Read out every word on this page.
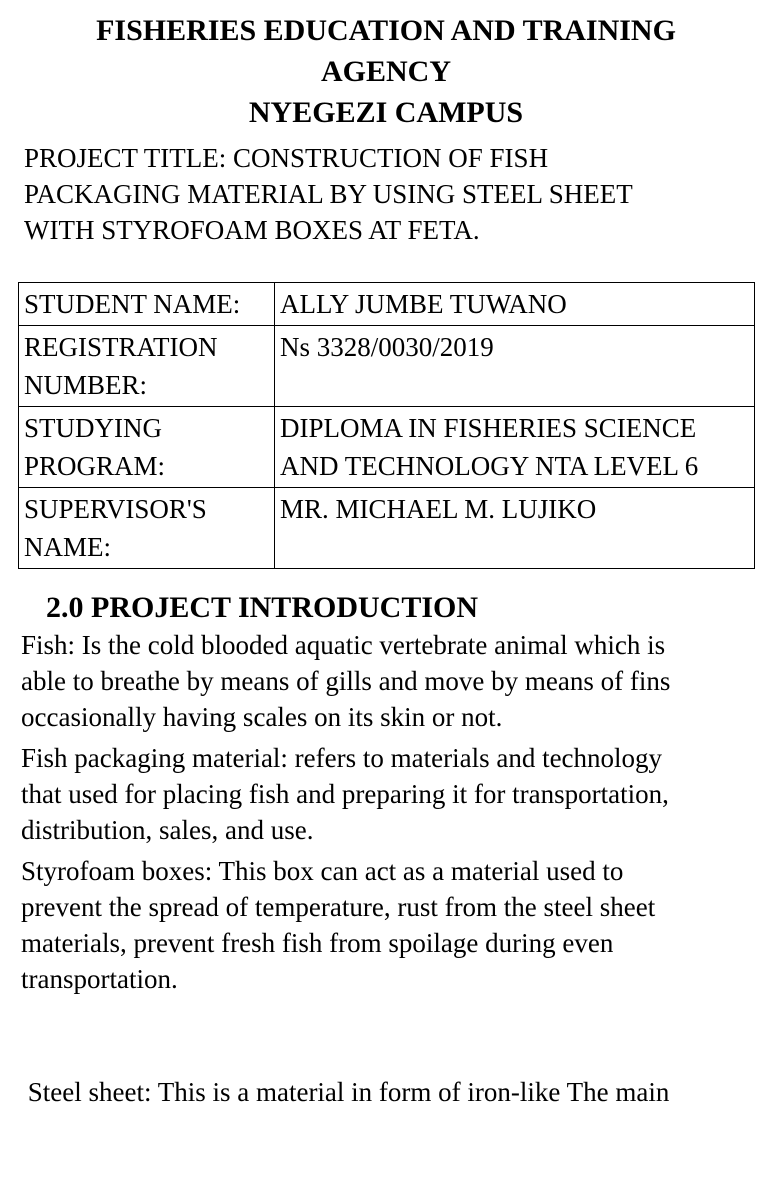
FISHERIES EDUCATION AND TRAINING
AGENCY
NYEGEZI CAMPUS
PROJECT TITLE: CONSTRUCTION OF FISH
PACKAGING MATERIAL BY USING STEEL SHEET
WITH STYROFOAM BOXES AT FETA.
STUDENT NAME:	ALLY JUMBE TUWANO

REGISTRATION
NUMBER:	Ns 3328/0030/2019

STUDYING
PROGRAM:	DIPLOMA IN FISHERIES SCIENCE
AND TECHNOLOGY NTA LEVEL 6

SUPERVISOR'S
NAME:	MR. MICHAEL M. LUJIKO
2.0 PROJECT INTRODUCTION
Fish: Is the cold blooded aquatic vertebrate animal which is
able to breathe by means of gills and move by means of fins
occasionally having scales on its skin or not.
Fish packaging material: refers to materials and technology
that used for placing fish and preparing it for transportation,
distribution, sales, and use.
Styrofoam boxes: This box can act as a material used to
prevent the spread of temperature, rust from the steel sheet
materials, prevent fresh fish from spoilage during even
transportation.

Steel sheet: This is a material in form of iron-like The main
